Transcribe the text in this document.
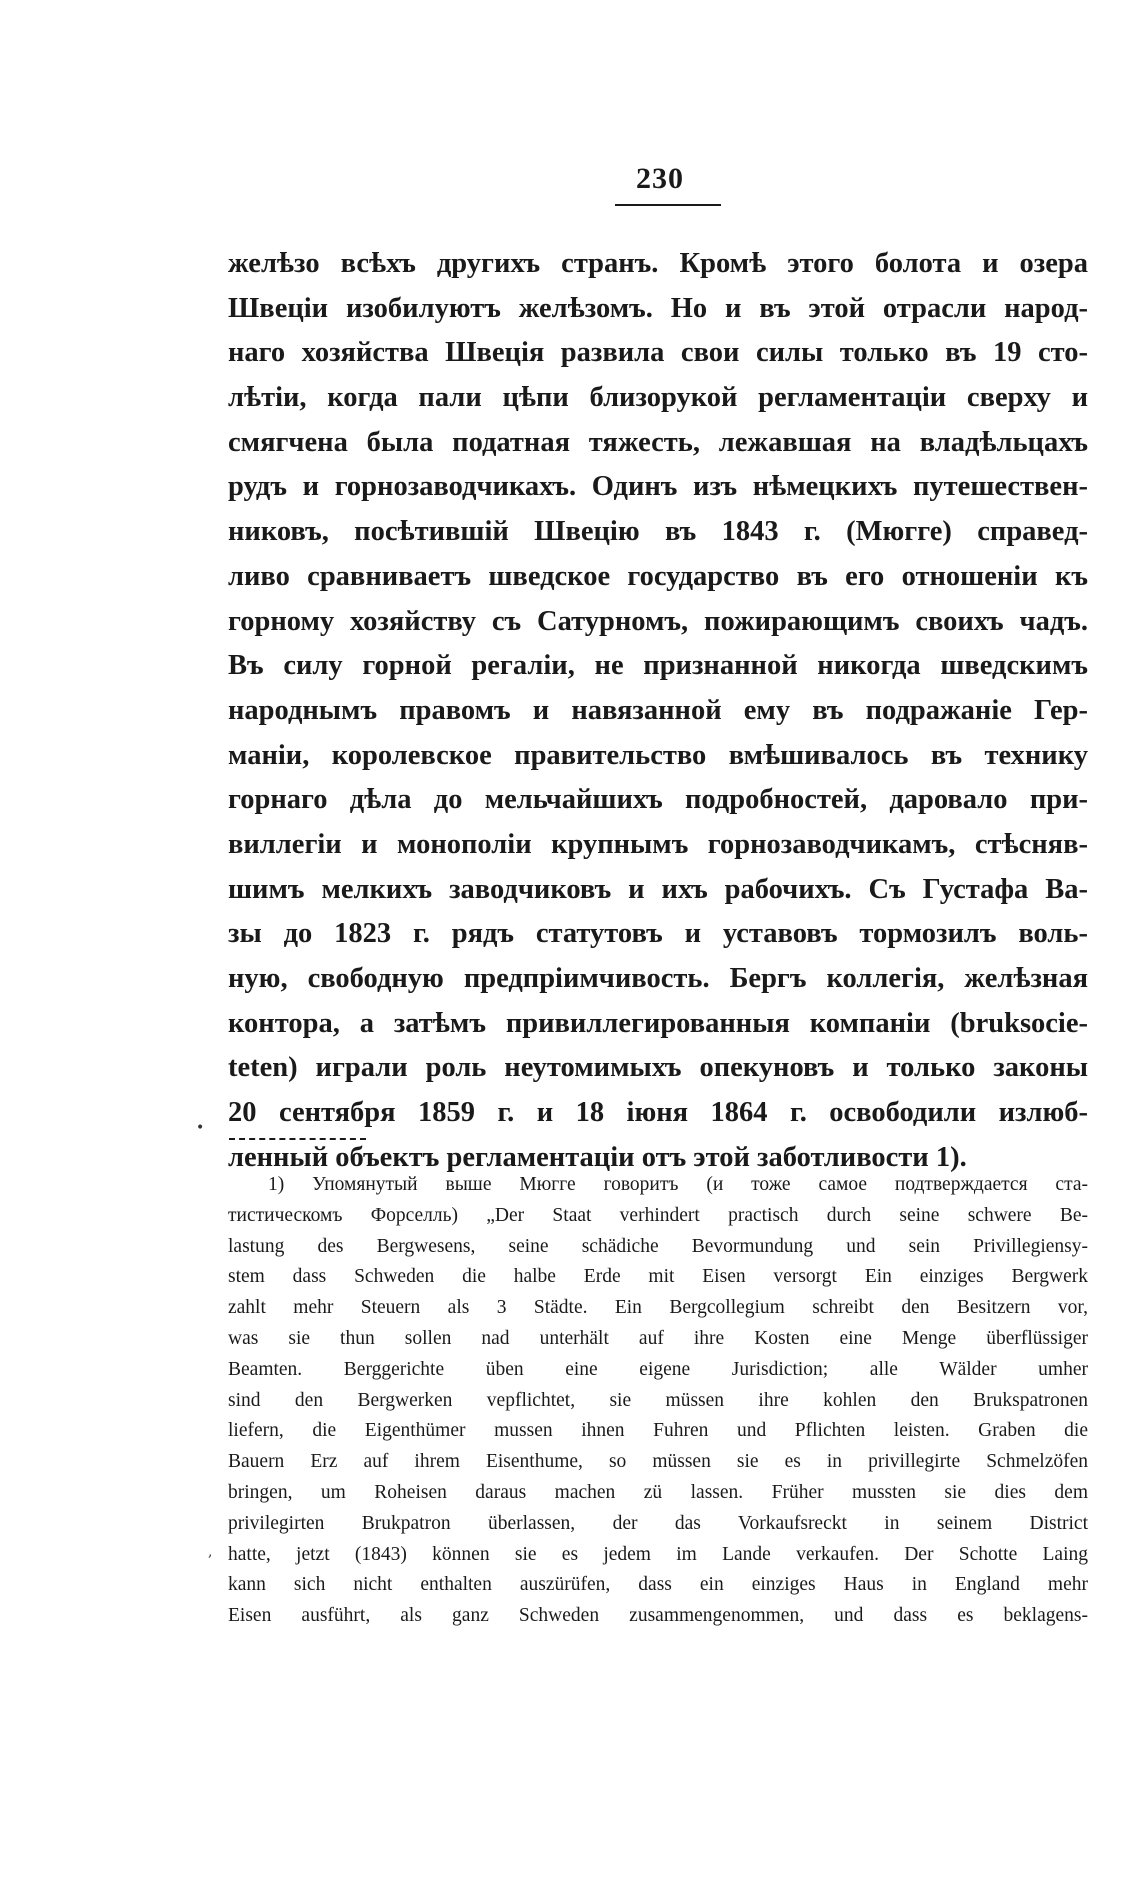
230
желѣзо всѣхъ другихъ странъ. Кромѣ этого болота и озера
Швеціи изобилуютъ желѣзомъ. Но и въ этой отрасли народ-
наго хозяйства Швеція развила свои силы только въ 19 сто-
лѣтіи, когда пали цѣпи близорукой регламентаціи сверху и
смягчена была податная тяжесть, лежавшая на владѣльцахъ
рудъ и горнозаводчикахъ. Одинъ изъ нѣмецкихъ путешествен-
никовъ, посѣтившій Швецію въ 1843 г. (Мюгге) справед-
ливо сравниваетъ шведское государство въ его отношеніи къ
горному хозяйству съ Сатурномъ, пожирающимъ своихъ чадъ.
Въ силу горной регаліи, не признанной никогда шведскимъ
народнымъ правомъ и навязанной ему въ подражаніе Гер-
маніи, королевское правительство вмѣшивалось въ технику
горнаго дѣла до мельчайшихъ подробностей, даровало при-
виллегіи и монополіи крупнымъ горнозаводчикамъ, стѣсняв-
шимъ мелкихъ заводчиковъ и ихъ рабочихъ. Съ Густафа Ва-
зы до 1823 г. рядъ статутовъ и уставовъ тормозилъ воль-
ную, свободную предпріимчивость. Бергъ коллегія, желѣзная
контора, а затѣмъ привиллегированныя компаніи (bruksocie-
teten) играли роль неутомимыхъ опекуновъ и только законы
20 сентября 1859 г. и 18 іюня 1864 г. освободили излюб-
ленный объектъ регламентаціи отъ этой заботливости 1).
•
1) Упомянутый выше Мюгге говоритъ (и тоже самое подтверждается ста-
тистическомъ Форселль) „Der Staat verhindert practisch durch seine schwere Be-
lastung des Bergwesens, seine schädiche Bevormundung und sein Privillegiensy-
stem dass Schweden die halbe Erde mit Eisen versorgt Ein einziges Bergwerk
zahlt mehr Steuern als 3 Städte. Ein Bergcollegium schreibt den Besitzern vor,
was sie thun sollen nad unterhält auf ihre Kosten eine Menge überflüssiger
Beamten. Berggerichte üben eine eigene Jurisdiction; alle Wälder umher
sind den Bergwerken vepflichtet, sie müssen ihre kohlen den Brukspatronen
liefern, die Eigenthümer mussen ihnen Fuhren und Pflichten leisten. Graben die
Bauern Erz auf ihrem Eisenthume, so müssen sie es in privillegirte Schmelzöfen
bringen, um Roheisen daraus machen zü lassen. Früher mussten sie dies dem
privilegirten Brukpatron überlassen, der das Vorkaufsreckt in seinem District
hatte, jetzt (1843) können sie es jedem im Lande verkaufen. Der Schotte Laing
kann sich nicht enthalten auszürüfen, dass ein einziges Haus in England mehr
Eisen ausführt, als ganz Schweden zusammengenommen, und dass es beklagens-
,
